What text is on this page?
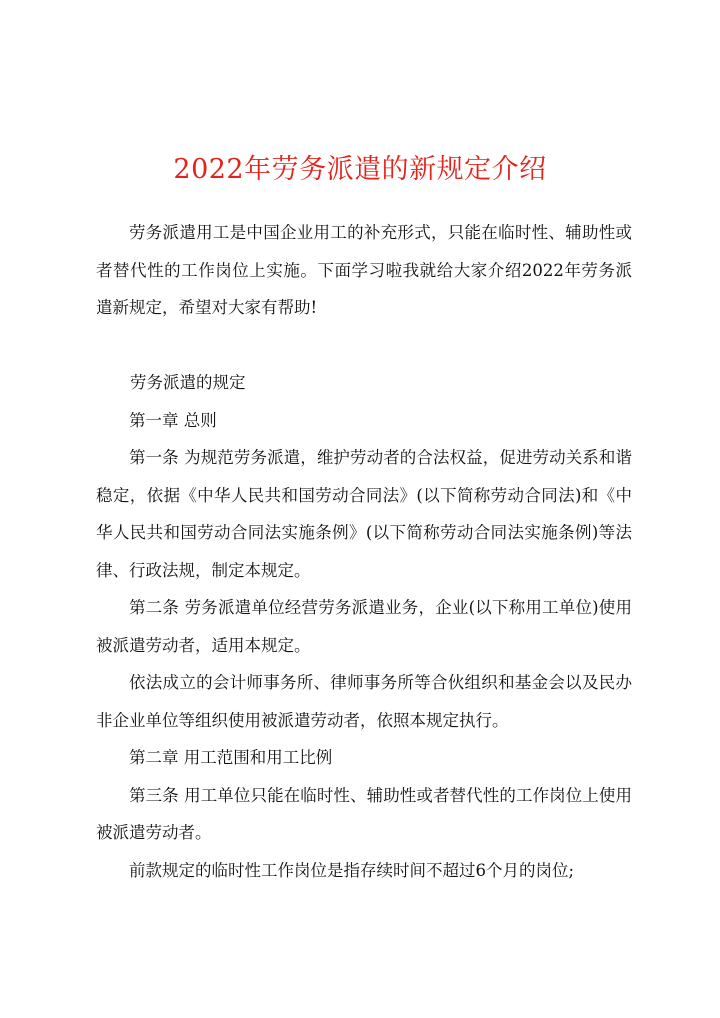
2022年劳务派遣的新规定介绍

劳务派遣用工是中国企业用工的补充形式，只能在临时性、辅助性或者替代性的工作岗位上实施。下面学习啦我就给大家介绍2022年劳务派遣新规定，希望对大家有帮助!

劳务派遣的规定

第一章 总则

第一条 为规范劳务派遣，维护劳动者的合法权益，促进劳动关系和谐稳定，依据《中华人民共和国劳动合同法》(以下简称劳动合同法)和《中华人民共和国劳动合同法实施条例》(以下简称劳动合同法实施条例)等法律、行政法规，制定本规定。

第二条 劳务派遣单位经营劳务派遣业务，企业(以下称用工单位)使用被派遣劳动者，适用本规定。

依法成立的会计师事务所、律师事务所等合伙组织和基金会以及民办非企业单位等组织使用被派遣劳动者，依照本规定执行。

第二章 用工范围和用工比例

第三条 用工单位只能在临时性、辅助性或者替代性的工作岗位上使用被派遣劳动者。

前款规定的临时性工作岗位是指存续时间不超过6个月的岗位;
